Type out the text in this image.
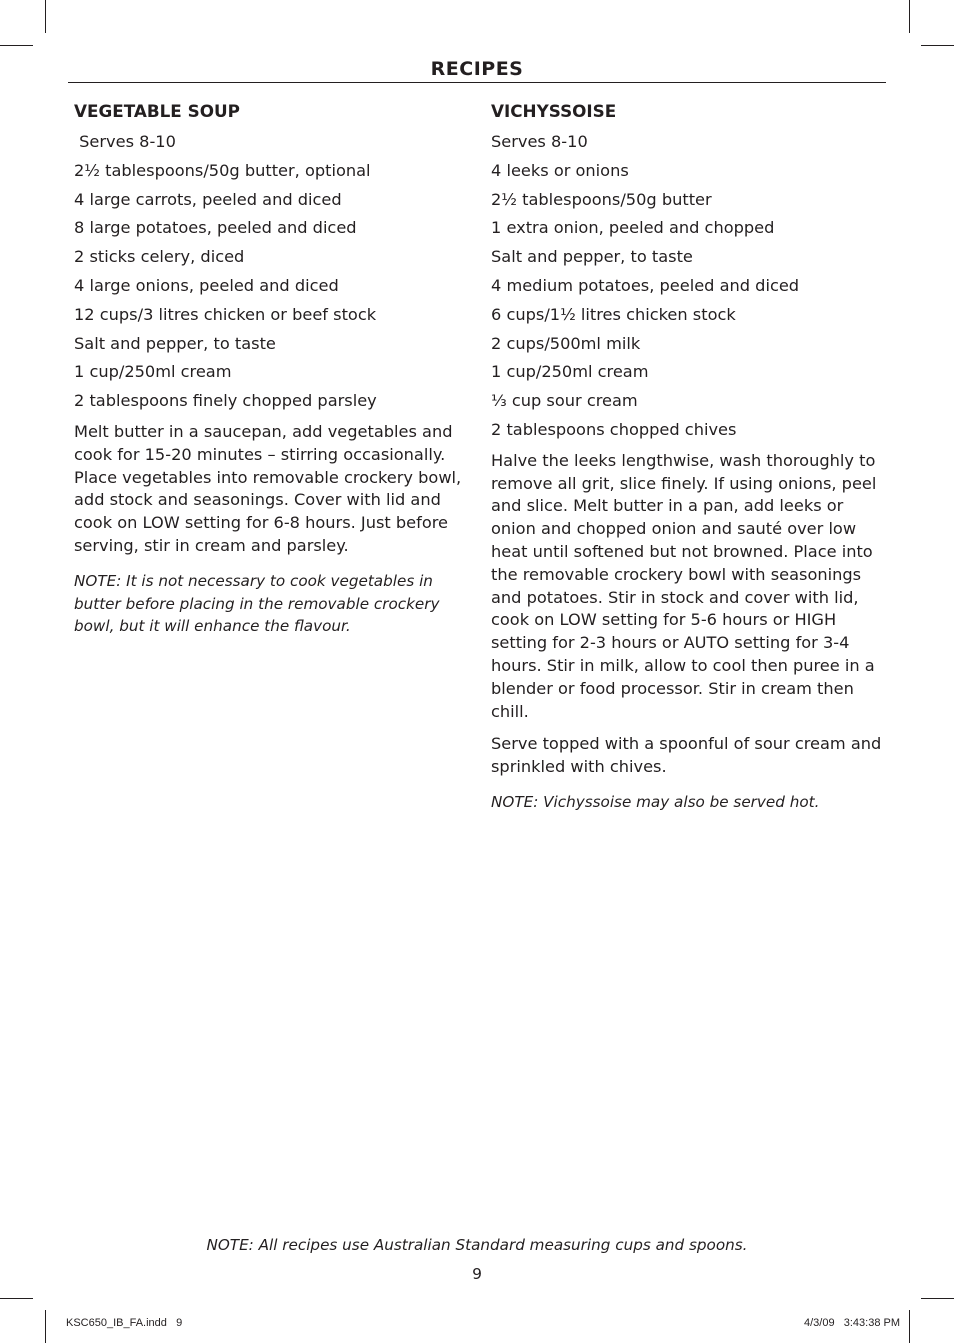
RECIPES
VEGETABLE SOUP
Serves 8-10
2½ tablespoons/50g butter, optional
4 large carrots, peeled and diced
8 large potatoes, peeled and diced
2 sticks celery, diced
4 large onions, peeled and diced
12 cups/3 litres chicken or beef stock
Salt and pepper, to taste
1 cup/250ml cream
2 tablespoons finely chopped parsley
Melt butter in a saucepan, add vegetables and cook for 15-20 minutes – stirring occasionally. Place vegetables into removable crockery bowl, add stock and seasonings. Cover with lid and cook on LOW setting for 6-8 hours. Just before serving, stir in cream and parsley.
NOTE: It is not necessary to cook vegetables in butter before placing in the removable crockery bowl, but it will enhance the flavour.
VICHYSSOISE
Serves 8-10
4 leeks or onions
2½ tablespoons/50g butter
1 extra onion, peeled and chopped
Salt and pepper, to taste
4 medium potatoes, peeled and diced
6 cups/1½ litres chicken stock
2 cups/500ml milk
1 cup/250ml cream
⅓ cup sour cream
2 tablespoons chopped chives
Halve the leeks lengthwise, wash thoroughly to remove all grit, slice finely. If using onions, peel and slice. Melt butter in a pan, add leeks or onion and chopped onion and sauté over low heat until softened but not browned. Place into the removable crockery bowl with seasonings and potatoes. Stir in stock and cover with lid, cook on LOW setting for 5-6 hours or HIGH setting for 2-3 hours or AUTO setting for 3-4 hours. Stir in milk, allow to cool then puree in a blender or food processor. Stir in cream then chill.
Serve topped with a spoonful of sour cream and sprinkled with chives.
NOTE: Vichyssoise may also be served hot.
NOTE: All recipes use Australian Standard measuring cups and spoons.
9
KSC650_IB_FA.indd   9	4/3/09   3:43:38 PM
